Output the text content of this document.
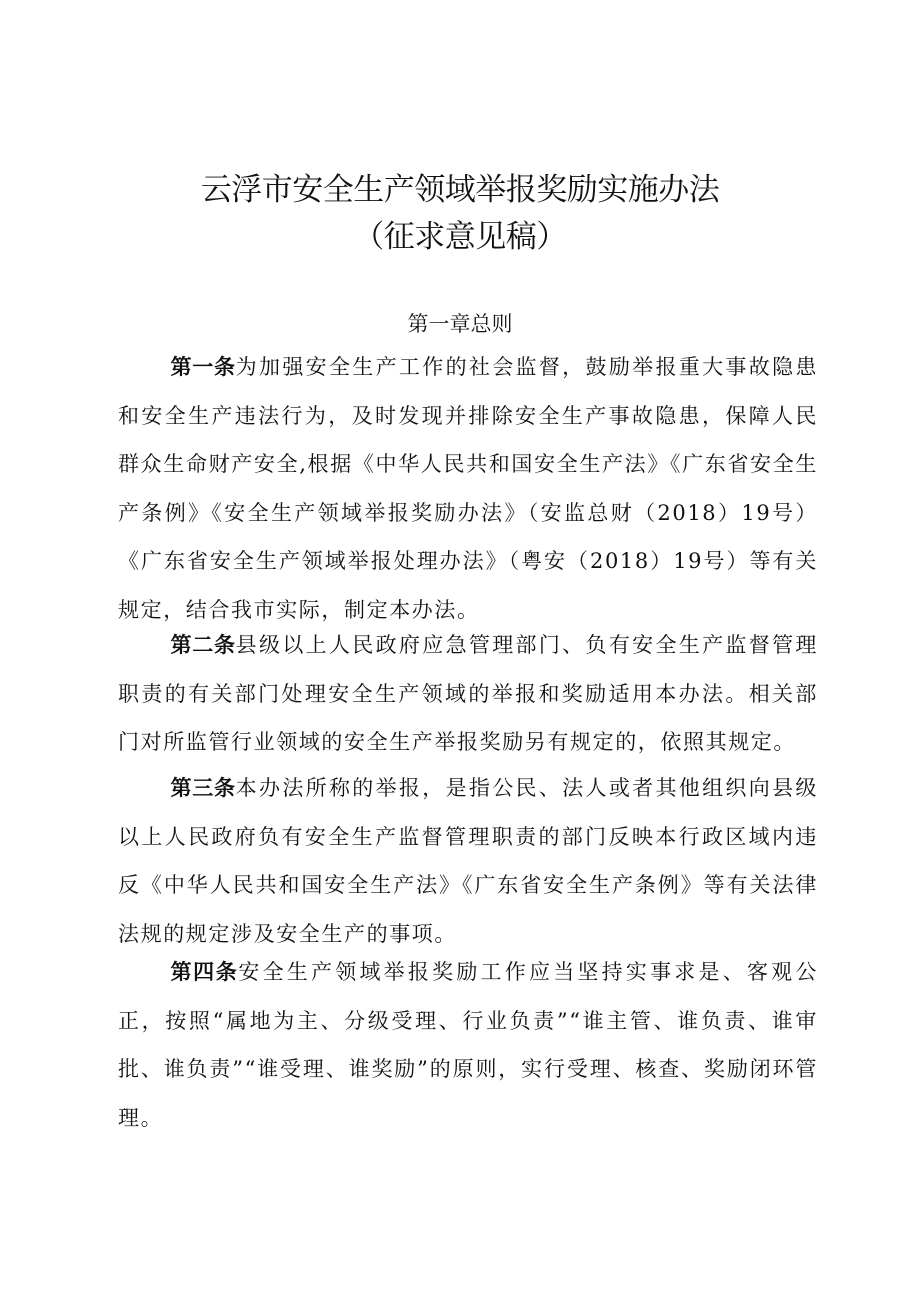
云浮市安全生产领域举报奖励实施办法
（征求意见稿）
第一章总则

第一条为加强安全生产工作的社会监督，鼓励举报重大事故隐患和安全生产违法行为，及时发现并排除安全生产事故隐患，保障人民群众生命财产安全,根据《中华人民共和国安全生产法》《广东省安全生产条例》《安全生产领域举报奖励办法》（安监总财（2018）19号）《广东省安全生产领域举报处理办法》（粤安（2018）19号）等有关规定，结合我市实际，制定本办法。

第二条县级以上人民政府应急管理部门、负有安全生产监督管理职责的有关部门处理安全生产领域的举报和奖励适用本办法。相关部门对所监管行业领域的安全生产举报奖励另有规定的，依照其规定。

第三条本办法所称的举报，是指公民、法人或者其他组织向县级以上人民政府负有安全生产监督管理职责的部门反映本行政区域内违反《中华人民共和国安全生产法》《广东省安全生产条例》等有关法律法规的规定涉及安全生产的事项。

第四条安全生产领域举报奖励工作应当坚持实事求是、客观公正，按照“属地为主、分级受理、行业负责”“谁主管、谁负责、谁审批、谁负责”“谁受理、谁奖励”的原则，实行受理、核查、奖励闭环管理。
